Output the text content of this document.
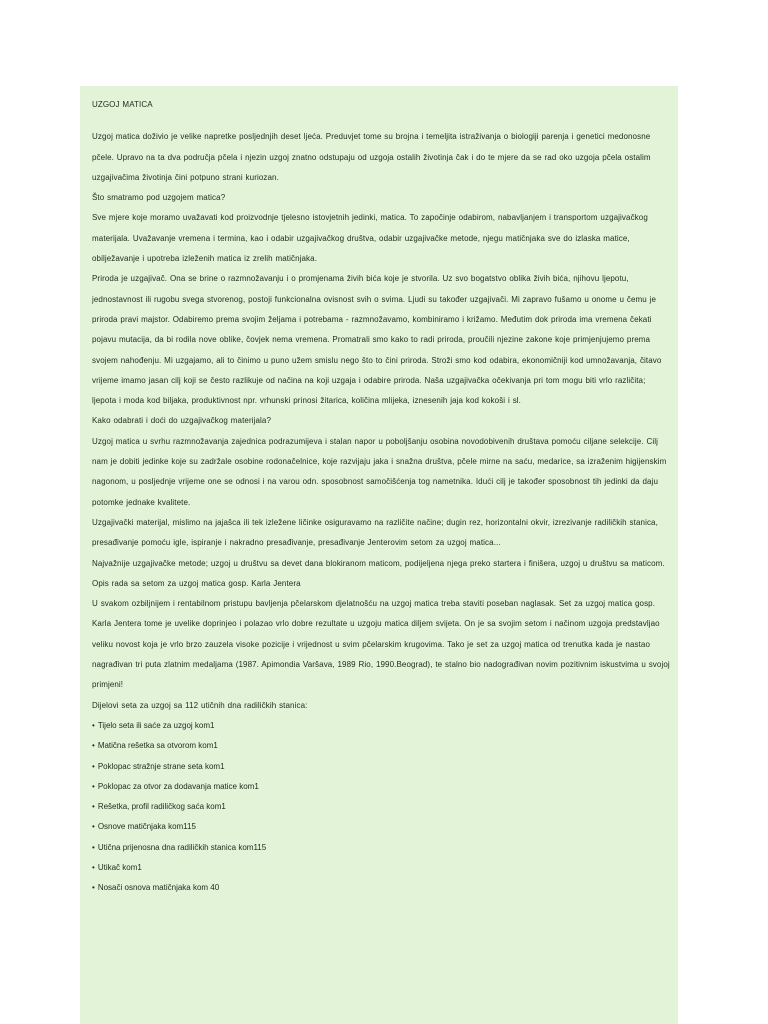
UZGOJ MATICA

Uzgoj matica doživio je velike napretke posljednjih deset ljeća. Preduvjet tome su brojna i temeljita istraživanja o biologiji parenja i genetici medonosne pčele. Upravo na ta dva područja pčela i njezin uzgoj znatno odstupaju od uzgoja ostalih životinja čak i do te mjere da se rad oko uzgoja pčela ostalim uzgajivačima životinja čini potpuno strani kuriozan.

Što smatramo pod uzgojem matica?

Sve mjere koje moramo uvažavati kod proizvodnje tjelesno istovjetnih jedinki, matica. To započinje odabirom, nabavljanjem i transportom uzgajivačkog materijala. Uvažavanje vremena i termina, kao i odabir uzgajivačkog društva, odabir uzgajivačke metode, njegu matičnjaka sve do izlaska matice, obilježavanje i upotreba izleženih matica iz zrelih matičnjaka.

Priroda je uzgajivač. Ona se brine o razmnožavanju i o promjenama živih bića koje je stvorila. Uz svo bogatstvo oblika živih bića, njihovu ljepotu, jednostavnost ili rugobu svega stvorenog, postoji funkcionalna ovisnost svih o svima. Ljudi su također uzgajivači. Mi zapravo fušamo u onome u čemu je priroda pravi majstor. Odabiremo prema svojim željama i potrebama - razmnožavamo, kombiniramo i križamo. Međutim dok priroda ima vremena čekati pojavu mutacija, da bi rodila nove oblike, čovjek nema vremena. Promatrali smo kako to radi priroda, proučili njezine zakone koje primjenjujemo prema svojem nahođenju. Mi uzgajamo, ali to činimo u puno užem smislu nego što to čini priroda. Stroži smo kod odabira, ekonomičniji kod umnožavanja, čitavo vrijeme imamo jasan cilj koji se često razlikuje od načina na koji uzgaja i odabire priroda. Naša uzgajivačka očekivanja pri tom mogu biti vrlo različita; ljepota i moda kod biljaka, produktivnost npr. vrhunski prinosi žitarica, količina mlijeka, iznesenih jaja kod kokoši i sl.

Kako odabrati i doći do uzgajivačkog materijala?

Uzgoj matica u svrhu razmnožavanja zajednica podrazumijeva i stalan napor u poboljšanju osobina novodobivenih društava pomoću ciljane selekcije. Cilj nam je dobiti jedinke koje su zadržale osobine rodonačelnice, koje razvijaju jaka i snažna društva, pčele mirne na saću, medarice, sa izraženim higijenskim nagonom, u posljednje vrijeme one se odnosi i na varou odn. sposobnost samočišćenja tog nametnika. Idući cilj je također sposobnost tih jedinki da daju potomke jednake kvalitete.

Uzgajivački materijal, mislimo na jajašca ili tek izležene ličinke osiguravamo na različite načine; dugin rez, horizontalni okvir, izrezivanje radiličkih stanica, presađivanje pomoću igle, ispiranje i nakradno presađivanje, presađivanje Jenterovim setom za uzgoj matica...

Najvažnije uzgajivačke metode; uzgoj u društvu sa devet dana blokiranom maticom, podijeljena njega preko startera i finišera, uzgoj u društvu sa maticom.

Opis rada sa setom za uzgoj matica gosp. Karla Jentera

U svakom ozbiljnijem i rentabilnom pristupu bavljenja pčelarskom djelatnošću na uzgoj matica treba staviti poseban naglasak. Set za uzgoj matica gosp. Karla Jentera tome je uvelike doprinjeo i polazao vrlo dobre rezultate u uzgoju matica diljem svijeta. On je sa svojim setom i načinom uzgoja predstavljao veliku novost koja je vrlo brzo zauzela visoke pozicije i vrijednost u svim pčelarskim krugovima. Tako je set za uzgoj matica od trenutka kada je nastao nagrađivan tri puta zlatnim medaljama (1987. Apimondia Varšava, 1989 Rio, 1990.Beograd), te stalno bio nadograđivan novim pozitivnim iskustvima u svojoj primjeni!

Dijelovi seta za uzgoj sa 112 utičnih dna radiličkih stanica:

• Tijelo seta ili saće za uzgoj kom1

• Matična rešetka sa otvorom kom1

• Poklopac stražnje strane seta kom1

• Poklopac za otvor za dodavanja matice kom1

• Rešetka, profil radiličkog saća kom1

• Osnove matičnjaka kom115

• Utična prijenosna dna radiličkih stanica kom115

• Utikač kom1

• Nosači osnova matičnjaka kom 40
